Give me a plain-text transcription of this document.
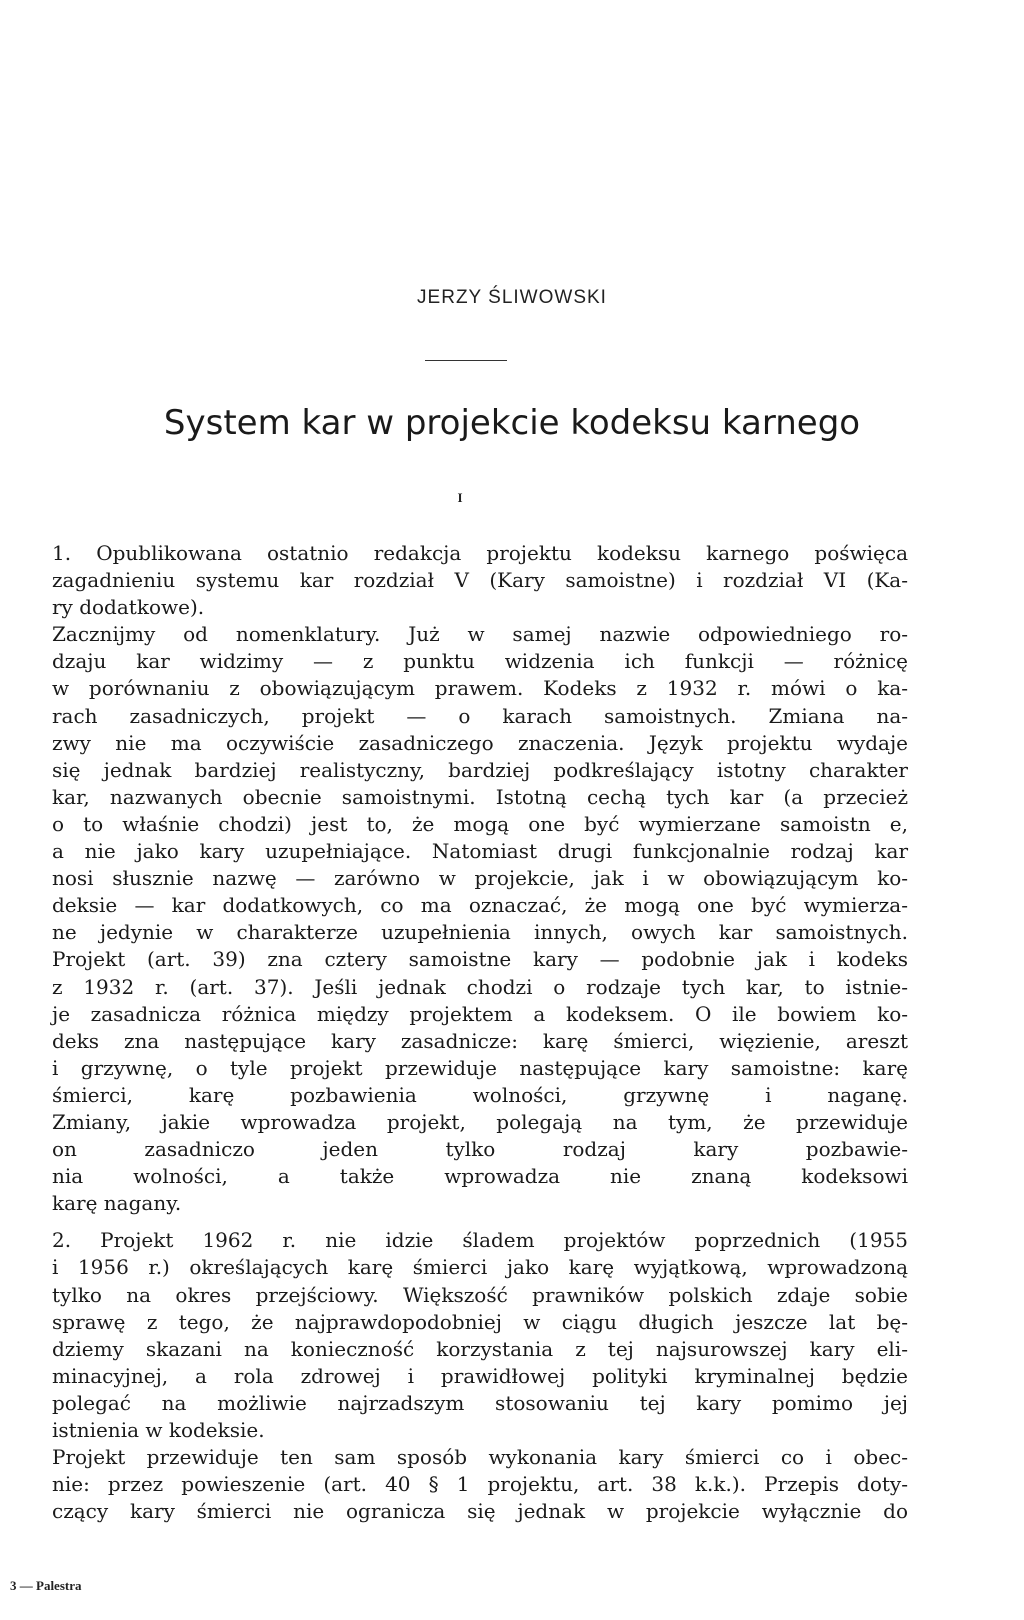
JERZY ŚLIWOWSKI
System kar w projekcie kodeksu karnego
I
1. Opublikowana ostatnio redakcja projektu kodeksu karnego poświęca
zagadnieniu systemu kar rozdział V (Kary samoistne) i rozdział VI (Ka-
ry dodatkowe).
Zacznijmy od nomenklatury. Już w samej nazwie odpowiedniego ro-
dzaju kar widzimy — z punktu widzenia ich funkcji — różnicę
w porównaniu z obowiązującym prawem. Kodeks z 1932 r. mówi o ka-
rach zasadniczych, projekt — o karach samoistnych. Zmiana na-
zwy nie ma oczywiście zasadniczego znaczenia. Język projektu wydaje
się jednak bardziej realistyczny, bardziej podkreślający istotny charakter
kar, nazwanych obecnie samoistnymi. Istotną cechą tych kar (a przecież
o to właśnie chodzi) jest to, że mogą one być wymierzane samoistn e,
a nie jako kary uzupełniające. Natomiast drugi funkcjonalnie rodzaj kar
nosi słusznie nazwę — zarówno w projekcie, jak i w obowiązującym ko-
deksie — kar dodatkowych, co ma oznaczać, że mogą one być wymierza-
ne jedynie w charakterze uzupełnienia innych, owych kar samoistnych.
Projekt (art. 39) zna cztery samoistne kary — podobnie jak i kodeks
z 1932 r. (art. 37). Jeśli jednak chodzi o rodzaje tych kar, to istnie-
je zasadnicza różnica między projektem a kodeksem. O ile bowiem ko-
deks zna następujące kary zasadnicze: karę śmierci, więzienie, areszt
i grzywnę, o tyle projekt przewiduje następujące kary samoistne: karę
śmierci, karę pozbawienia wolności, grzywnę i naganę.
Zmiany, jakie wprowadza projekt, polegają na tym, że przewiduje
on zasadniczo jeden tylko rodzaj kary pozbawie-
nia wolności, a także wprowadza nie znaną kodeksowi
karę nagany.
2. Projekt 1962 r. nie idzie śladem projektów poprzednich (1955
i 1956 r.) określających karę śmierci jako karę wyjątkową, wprowadzoną
tylko na okres przejściowy. Większość prawników polskich zdaje sobie
sprawę z tego, że najprawdopodobniej w ciągu długich jeszcze lat bę-
dziemy skazani na konieczność korzystania z tej najsurowszej kary eli-
minacyjnej, a rola zdrowej i prawidłowej polityki kryminalnej będzie
polegać na możliwie najrzadszym stosowaniu tej kary pomimo jej
istnienia w kodeksie.
Projekt przewiduje ten sam sposób wykonania kary śmierci co i obec-
nie: przez powieszenie (art. 40 § 1 projektu, art. 38 k.k.). Przepis doty-
czący kary śmierci nie ogranicza się jednak w projekcie wyłącznie do
3 — Palestra
